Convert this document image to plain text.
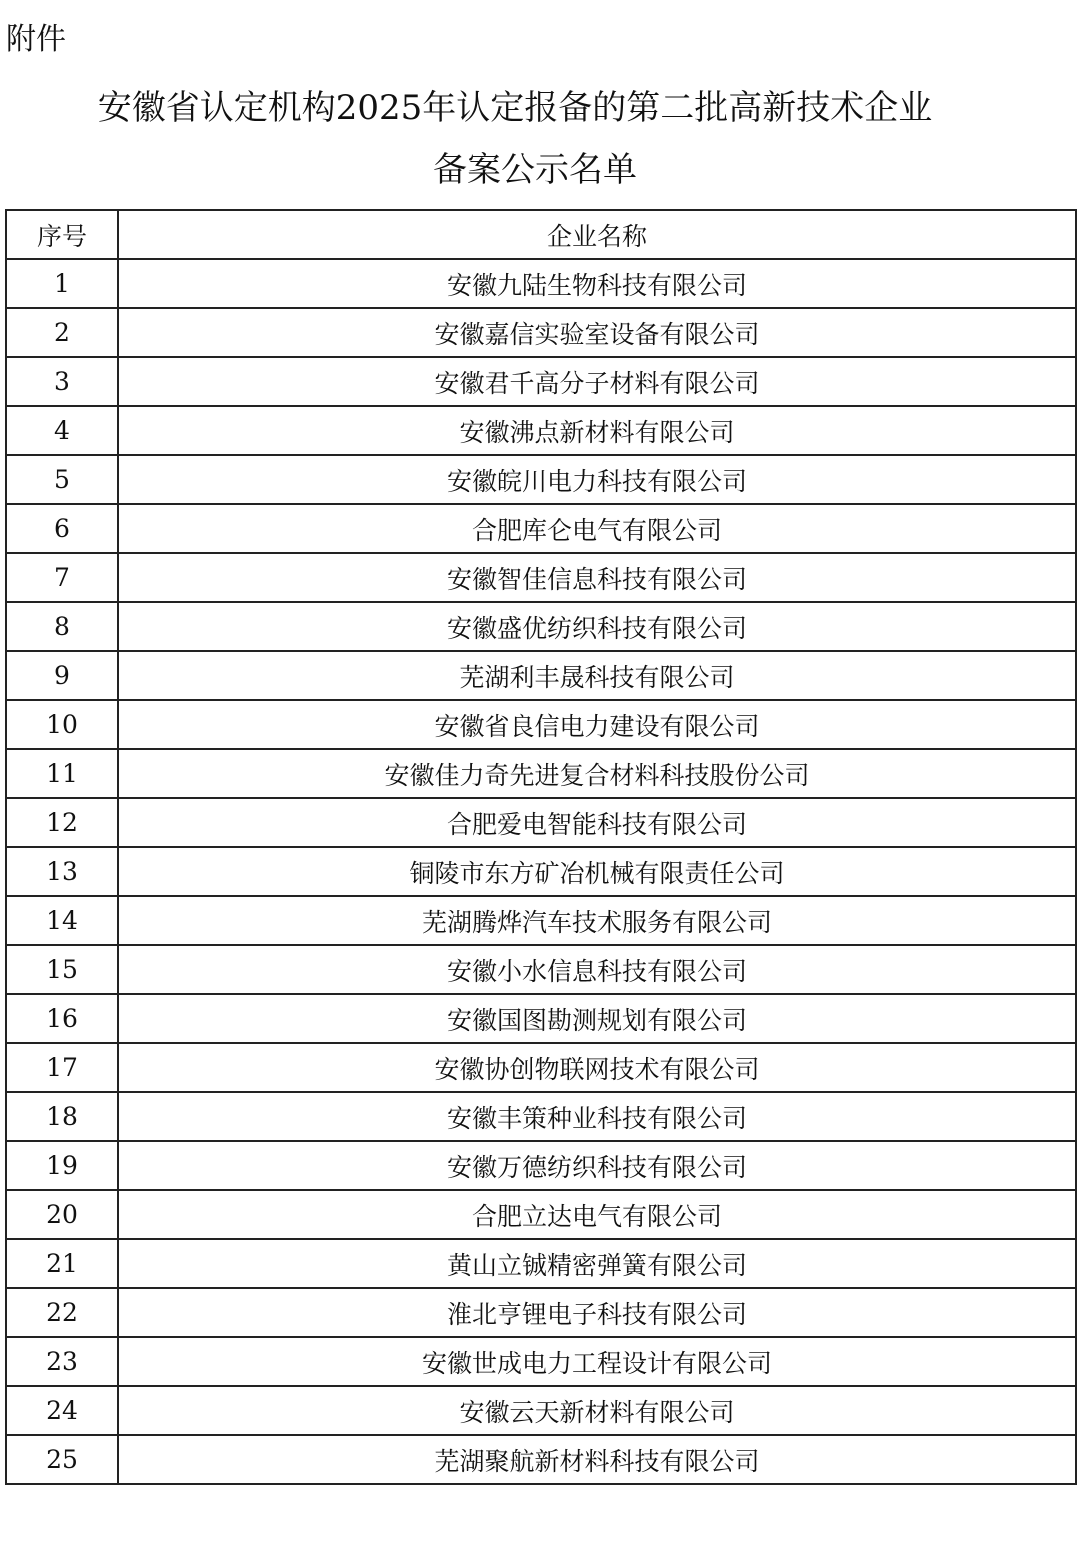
附件
安徽省认定机构2025年认定报备的第二批高新技术企业
备案公示名单
序号	企业名称
1	安徽九陆生物科技有限公司
2	安徽嘉信实验室设备有限公司
3	安徽君千高分子材料有限公司
4	安徽沸点新材料有限公司
5	安徽皖川电力科技有限公司
6	合肥库仑电气有限公司
7	安徽智佳信息科技有限公司
8	安徽盛优纺织科技有限公司
9	芜湖利丰晟科技有限公司
10	安徽省良信电力建设有限公司
11	安徽佳力奇先进复合材料科技股份公司
12	合肥爱电智能科技有限公司
13	铜陵市东方矿冶机械有限责任公司
14	芜湖腾烨汽车技术服务有限公司
15	安徽小水信息科技有限公司
16	安徽国图勘测规划有限公司
17	安徽协创物联网技术有限公司
18	安徽丰策种业科技有限公司
19	安徽万德纺织科技有限公司
20	合肥立达电气有限公司
21	黄山立铖精密弹簧有限公司
22	淮北亨锂电子科技有限公司
23	安徽世成电力工程设计有限公司
24	安徽云天新材料有限公司
25	芜湖聚航新材料科技有限公司
